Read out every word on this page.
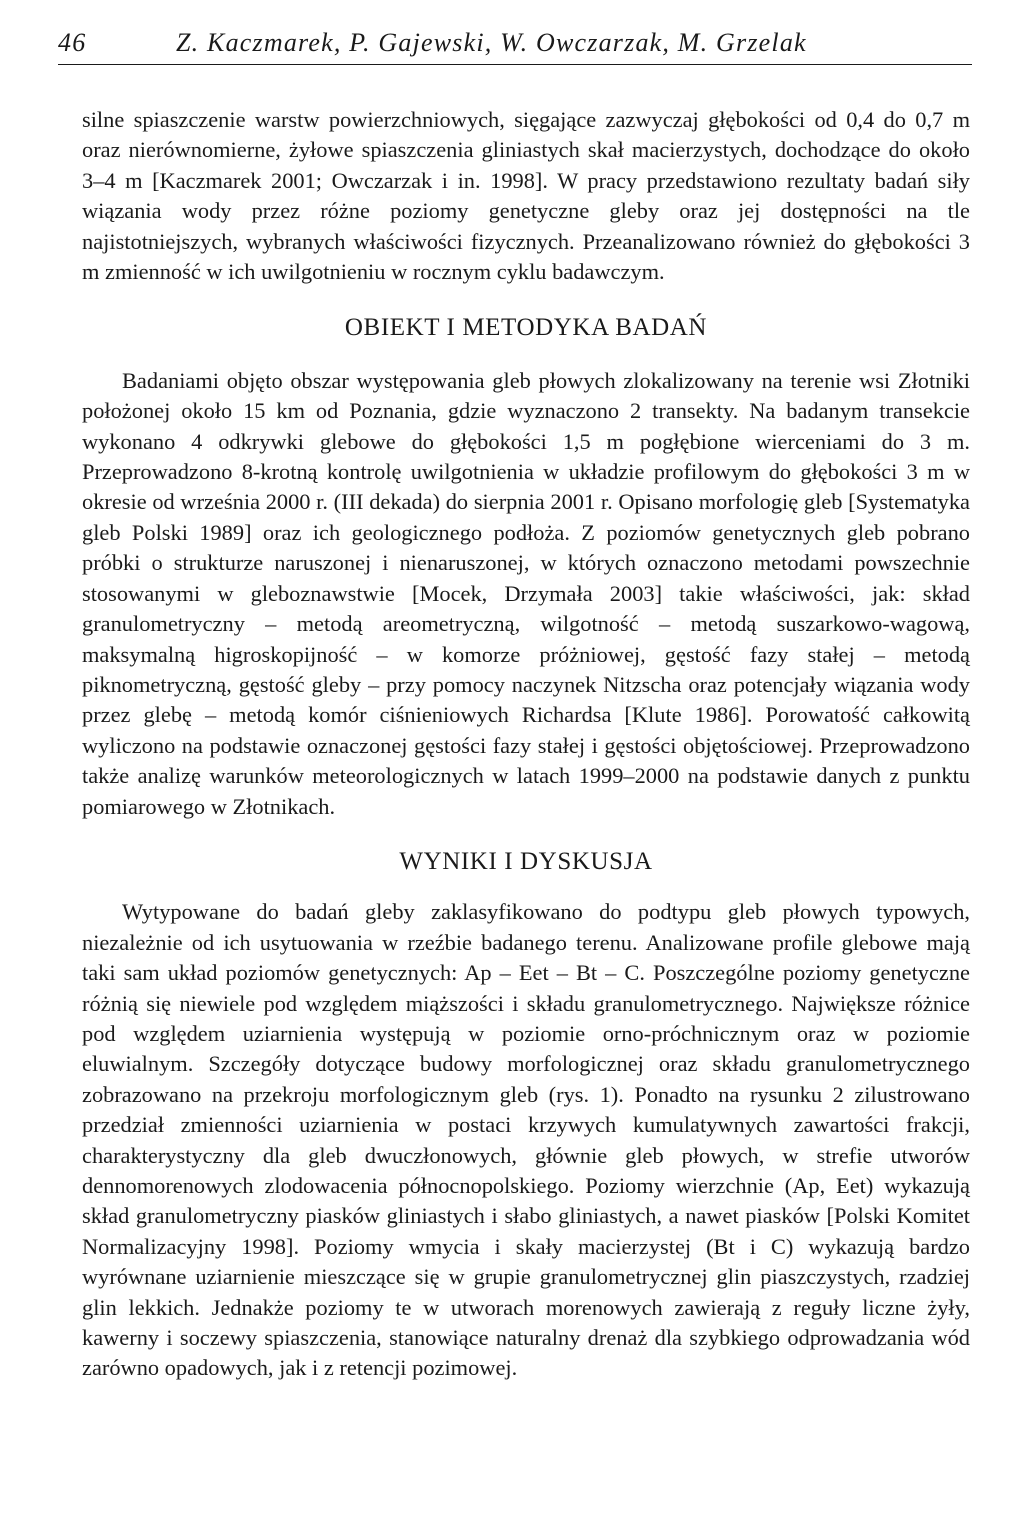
46	Z. Kaczmarek, P. Gajewski, W. Owczarzak, M. Grzelak

silne spiaszczenie warstw powierzchniowych, sięgające zazwyczaj głębokości od 0,4 do 0,7 m oraz nierównomierne, żyłowe spiaszczenia gliniastych skał macierzystych, dochodzące do około 3–4 m [Kaczmarek 2001; Owczarzak i in. 1998]. W pracy przedstawiono rezultaty badań siły wiązania wody przez różne poziomy genetyczne gleby oraz jej dostępności na tle najistotniejszych, wybranych właściwości fizycznych. Przeanalizowano również do głębokości 3 m zmienność w ich uwilgotnieniu w rocznym cyklu badawczym.

OBIEKT I METODYKA BADAŃ

Badaniami objęto obszar występowania gleb płowych zlokalizowany na terenie wsi Złotniki położonej około 15 km od Poznania, gdzie wyznaczono 2 transekty. Na badanym transekcie wykonano 4 odkrywki glebowe do głębokości 1,5 m pogłębione wierceniami do 3 m. Przeprowadzono 8-krotną kontrolę uwilgotnienia w układzie profilowym do głębokości 3 m w okresie od września 2000 r. (III dekada) do sierpnia 2001 r. Opisano morfologię gleb [Systematyka gleb Polski 1989] oraz ich geologicznego podłoża. Z poziomów genetycznych gleb pobrano próbki o strukturze naruszonej i nienaruszonej, w których oznaczono metodami powszechnie stosowanymi w gleboznawstwie [Mocek, Drzymała 2003] takie właściwości, jak: skład granulometryczny – metodą areometryczną, wilgotność – metodą suszarkowo-wagową, maksymalną higroskopijność – w komorze próżniowej, gęstość fazy stałej – metodą piknometryczną, gęstość gleby – przy pomocy naczynek Nitzscha oraz potencjały wiązania wody przez glebę – metodą komór ciśnieniowych Richardsa [Klute 1986]. Porowatość całkowitą wyliczono na podstawie oznaczonej gęstości fazy stałej i gęstości objętościowej. Przeprowadzono także analizę warunków meteorologicznych w latach 1999–2000 na podstawie danych z punktu pomiarowego w Złotnikach.

WYNIKI I DYSKUSJA

Wytypowane do badań gleby zaklasyfikowano do podtypu gleb płowych typowych, niezależnie od ich usytuowania w rzeźbie badanego terenu. Analizowane profile glebowe mają taki sam układ poziomów genetycznych: Ap – Eet – Bt – C. Poszczególne poziomy genetyczne różnią się niewiele pod względem miąższości i składu granulometrycznego. Największe różnice pod względem uziarnienia występują w poziomie orno-próchnicznym oraz w poziomie eluwialnym. Szczegóły dotyczące budowy morfologicznej oraz składu granulometrycznego zobrazowano na przekroju morfologicznym gleb (rys. 1). Ponadto na rysunku 2 zilustrowano przedział zmienności uziarnienia w postaci krzywych kumulatywnych zawartości frakcji, charakterystyczny dla gleb dwuczłonowych, głównie gleb płowych, w strefie utworów dennomorenowych zlodowacenia północnopolskiego. Poziomy wierzchnie (Ap, Eet) wykazują skład granulometryczny piasków gliniastych i słabo gliniastych, a nawet piasków [Polski Komitet Normalizacyjny 1998]. Poziomy wmycia i skały macierzystej (Bt i C) wykazują bardzo wyrównane uziarnienie mieszczące się w grupie granulometrycznej glin piaszczystych, rzadziej glin lekkich. Jednakże poziomy te w utworach morenowych zawierają z reguły liczne żyły, kawerny i soczewy spiaszczenia, stanowiące naturalny drenaż dla szybkiego odprowadzania wód zarówno opadowych, jak i z retencji pozimowej.
